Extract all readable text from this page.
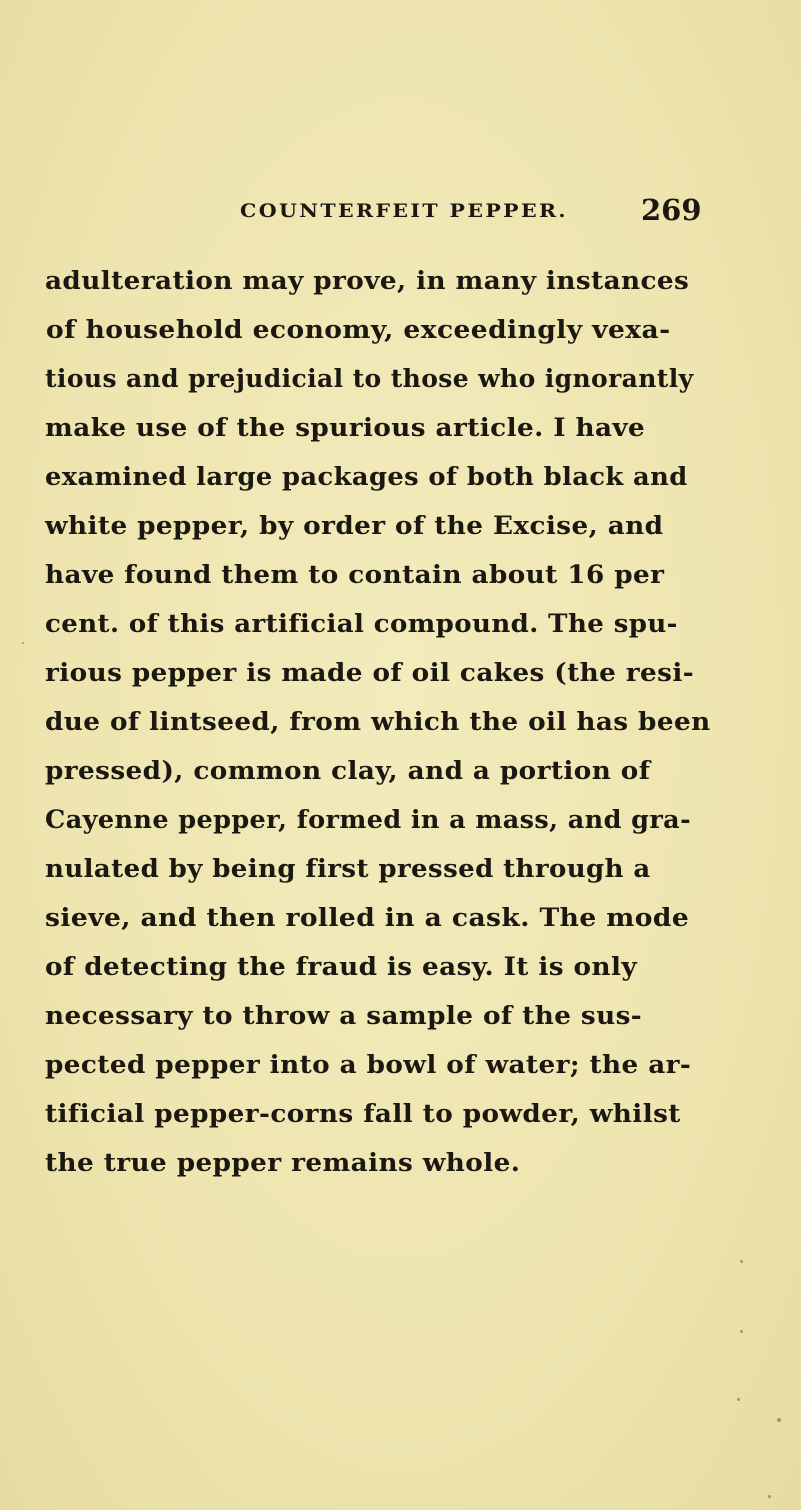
COUNTERFEIT PEPPER.	269
adulteration may prove, in many instances
of household economy, exceedingly vexa-
tious and prejudicial to those who ignorantly
make use of the spurious article. I have
examined large packages of both black and
white pepper, by order of the Excise, and
have found them to contain about 16 per
cent. of this artificial compound. The spu-
rious pepper is made of oil cakes (the resi-
due of lintseed, from which the oil has been
pressed), common clay, and a portion of
Cayenne pepper, formed in a mass, and gra-
nulated by being first pressed through a
sieve, and then rolled in a cask. The mode
of detecting the fraud is easy. It is only
necessary to throw a sample of the sus-
pected pepper into a bowl of water; the ar-
tificial pepper-corns fall to powder, whilst
the true pepper remains whole.
